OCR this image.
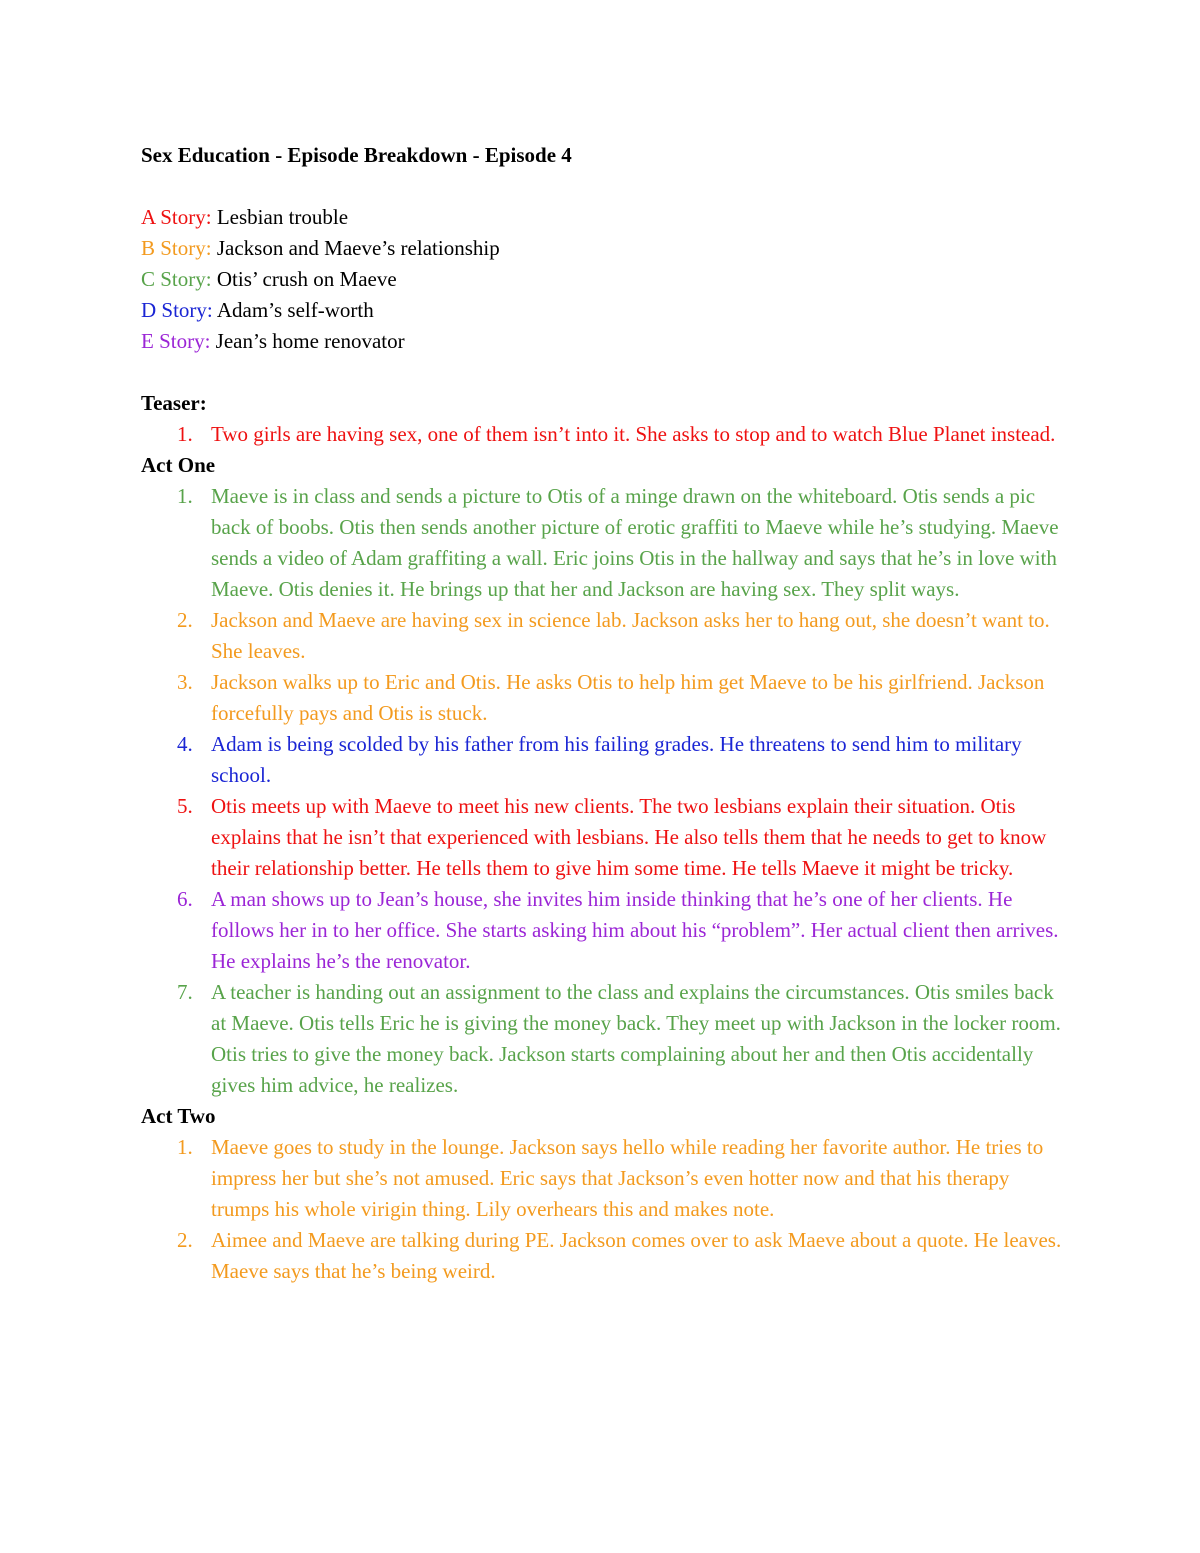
Sex Education - Episode Breakdown - Episode 4
A Story: Lesbian trouble
B Story: Jackson and Maeve’s relationship
C Story: Otis’ crush on Maeve
D Story: Adam’s self-worth
E Story: Jean’s home renovator
Teaser:
1. Two girls are having sex, one of them isn’t into it. She asks to stop and to watch Blue Planet instead.
Act One
1. Maeve is in class and sends a picture to Otis of a minge drawn on the whiteboard. Otis sends a pic back of boobs. Otis then sends another picture of erotic graffiti to Maeve while he’s studying. Maeve sends a video of Adam graffiting a wall. Eric joins Otis in the hallway and says that he’s in love with Maeve. Otis denies it. He brings up that her and Jackson are having sex. They split ways.
2. Jackson and Maeve are having sex in science lab. Jackson asks her to hang out, she doesn’t want to. She leaves.
3. Jackson walks up to Eric and Otis. He asks Otis to help him get Maeve to be his girlfriend. Jackson forcefully pays and Otis is stuck.
4. Adam is being scolded by his father from his failing grades. He threatens to send him to military school.
5. Otis meets up with Maeve to meet his new clients. The two lesbians explain their situation. Otis explains that he isn’t that experienced with lesbians. He also tells them that he needs to get to know their relationship better. He tells them to give him some time. He tells Maeve it might be tricky.
6. A man shows up to Jean’s house, she invites him inside thinking that he’s one of her clients. He follows her in to her office. She starts asking him about his “problem”. Her actual client then arrives. He explains he’s the renovator.
7. A teacher is handing out an assignment to the class and explains the circumstances. Otis smiles back at Maeve. Otis tells Eric he is giving the money back. They meet up with Jackson in the locker room. Otis tries to give the money back. Jackson starts complaining about her and then Otis accidentally gives him advice, he realizes.
Act Two
1. Maeve goes to study in the lounge. Jackson says hello while reading her favorite author. He tries to impress her but she’s not amused. Eric says that Jackson’s even hotter now and that his therapy trumps his whole virigin thing. Lily overhears this and makes note.
2. Aimee and Maeve are talking during PE. Jackson comes over to ask Maeve about a quote. He leaves. Maeve says that he’s being weird.
